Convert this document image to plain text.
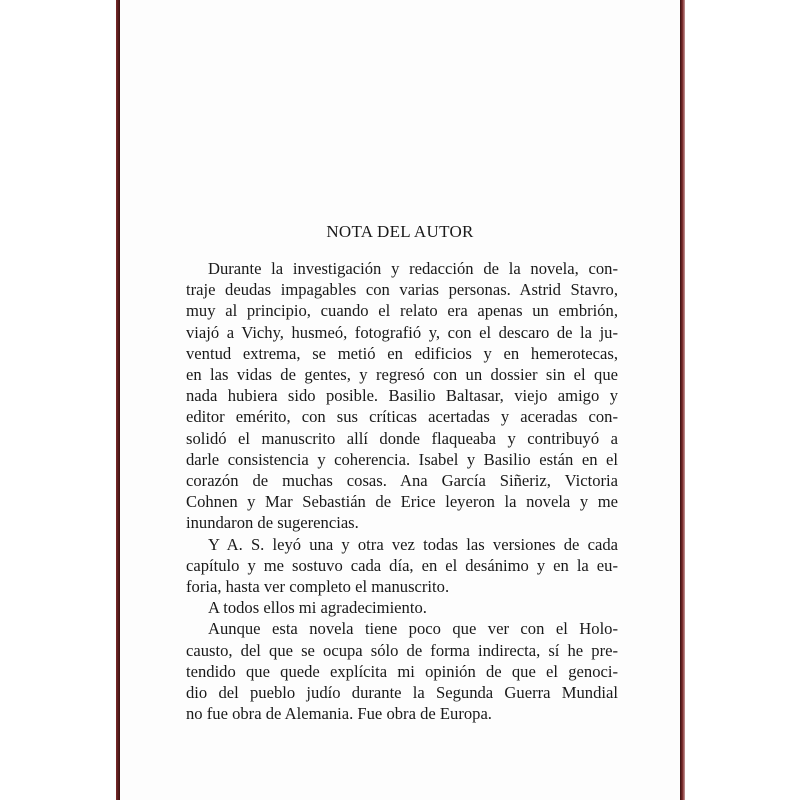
NOTA DEL AUTOR
Durante la investigación y redacción de la novela, con-
traje deudas impagables con varias personas. Astrid Stavro,
muy al principio, cuando el relato era apenas un embrión,
viajó a Vichy, husmeó, fotografió y, con el descaro de la ju-
ventud extrema, se metió en edificios y en hemerotecas,
en las vidas de gentes, y regresó con un dossier sin el que
nada hubiera sido posible. Basilio Baltasar, viejo amigo y
editor emérito, con sus críticas acertadas y aceradas con-
solidó el manuscrito allí donde flaqueaba y contribuyó a
darle consistencia y coherencia. Isabel y Basilio están en el
corazón de muchas cosas. Ana García Siñeriz, Victoria
Cohnen y Mar Sebastián de Erice leyeron la novela y me
inundaron de sugerencias.
Y A. S. leyó una y otra vez todas las versiones de cada
capítulo y me sostuvo cada día, en el desánimo y en la eu-
foria, hasta ver completo el manuscrito.
A todos ellos mi agradecimiento.
Aunque esta novela tiene poco que ver con el Holo-
causto, del que se ocupa sólo de forma indirecta, sí he pre-
tendido que quede explícita mi opinión de que el genoci-
dio del pueblo judío durante la Segunda Guerra Mundial
no fue obra de Alemania. Fue obra de Europa.
